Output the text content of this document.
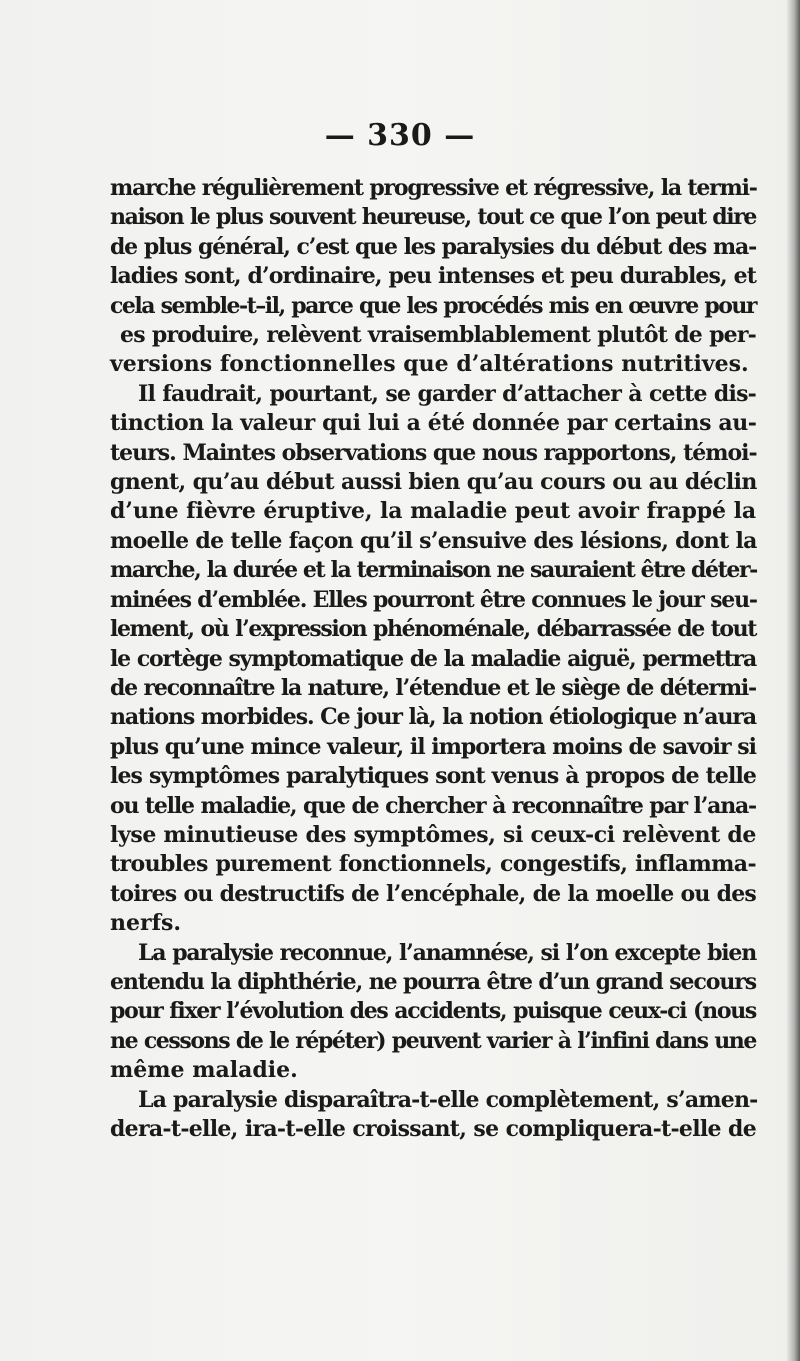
— 330 —
marche régulièrement progressive et régressive, la termi-
naison le plus souvent heureuse, tout ce que l’on peut dire
de plus général, c’est que les paralysies du début des ma-
ladies sont, d’ordinaire, peu intenses et peu durables, et
cela semble-t–il, parce que les procédés mis en œuvre pour
es produire, relèvent vraisemblablement plutôt de per-
versions fonctionnelles que d’altérations nutritives.
Il faudrait, pourtant, se garder d’attacher à cette dis-
tinction la valeur qui lui a été donnée par certains au-
teurs. Maintes observations que nous rapportons, témoi-
gnent, qu’au début aussi bien qu’au cours ou au déclin
d’une fièvre éruptive, la maladie peut avoir frappé la
moelle de telle façon qu’il s’ensuive des lésions, dont la
marche, la durée et la terminaison ne sauraient être déter-
minées d’emblée. Elles pourront être connues le jour seu-
lement, où l’expression phénoménale, débarrassée de tout
le cortège symptomatique de la maladie aiguë, permettra
de reconnaître la nature, l’étendue et le siège de détermi-
nations morbides. Ce jour là, la notion étiologique n’aura
plus qu’une mince valeur, il importera moins de savoir si
les symptômes paralytiques sont venus à propos de telle
ou telle maladie, que de chercher à reconnaître par l’ana-
lyse minutieuse des symptômes, si ceux-ci relèvent de
troubles purement fonctionnels, congestifs, inflamma-
toires ou destructifs de l’encéphale, de la moelle ou des
nerfs.
La paralysie reconnue, l’anamnése, si l’on excepte bien
entendu la diphthérie, ne pourra être d’un grand secours
pour fixer l’évolution des accidents, puisque ceux-ci (nous
ne cessons de le répéter) peuvent varier à l’infini dans une
même maladie.
La paralysie disparaîtra-t-elle complètement, s’amen-
dera-t-elle, ira-t-elle croissant, se compliquera-t-elle de
